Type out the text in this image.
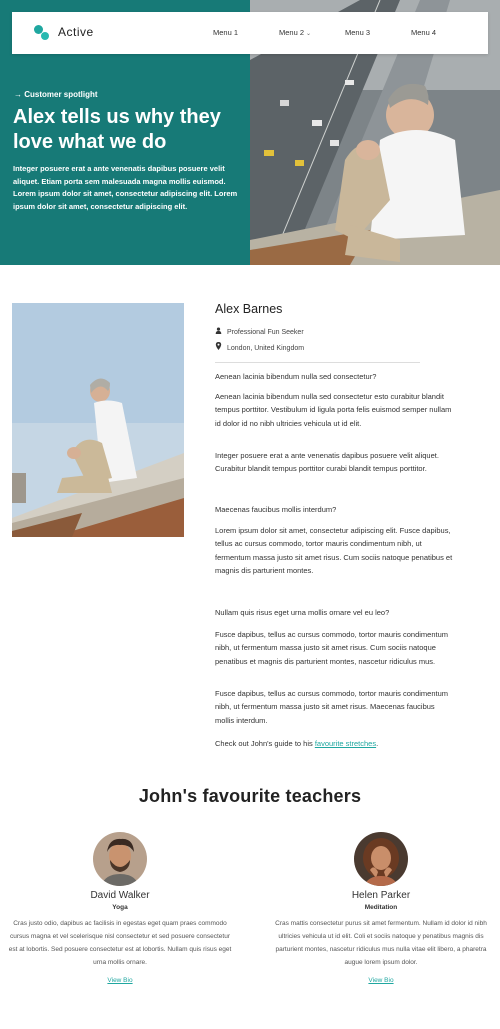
Active	Menu 1	Menu 2 ⌄	Menu 3	Menu 4
→ Customer spotlight
Alex tells us why they love what we do

Integer posuere erat a ante venenatis dapibus posuere velit aliquet. Etiam porta sem malesuada magna mollis euismod. Lorem ipsum dolor sit amet, consectetur adipiscing elit. Lorem ipsum dolor sit amet, consectetur adipiscing elit.

Alex Barnes
Professional Fun Seeker
London, United Kingdom

Aenean lacinia bibendum nulla sed consectetur?

Aenean lacinia bibendum nulla sed consectetur esto curabitur blandit tempus porttitor. Vestibulum id ligula porta felis euismod semper nullam id dolor id no nibh ultricies vehicula ut id elit.

Integer posuere erat a ante venenatis dapibus posuere velit aliquet. Curabitur blandit tempus porttitor curabi blandit tempus porttitor.

Maecenas faucibus mollis interdum?

Lorem ipsum dolor sit amet, consectetur adipiscing elit. Fusce dapibus, tellus ac cursus commodo, tortor mauris condimentum nibh, ut fermentum massa justo sit amet risus. Cum sociis natoque penatibus et magnis dis parturient montes.

Nullam quis risus eget urna mollis ornare vel eu leo?

Fusce dapibus, tellus ac cursus commodo, tortor mauris condimentum nibh, ut fermentum massa justo sit amet risus. Cum sociis natoque penatibus et magnis dis parturient montes, nascetur ridiculus mus.

Fusce dapibus, tellus ac cursus commodo, tortor mauris condimentum nibh, ut fermentum massa justo sit amet risus. Maecenas faucibus mollis interdum.

Check out John's guide to his favourite stretches.

John's favourite teachers
David Walker
Yoga

Cras justo odio, dapibus ac facilisis in egestas eget quam praes commodo cursus magna et vel scelerisque nisl consectetur et sed posuere consectetur est at lobortis. Sed posuere consectetur est at lobortis. Nullam quis risus eget urna mollis ornare.

View Bio
Helen Parker
Meditation

Cras mattis consectetur purus sit amet fermentum. Nullam id dolor id nibh ultricies vehicula ut id elit. Coli et sociis natoque y penatibus magnis dis parturient montes, nascetur ridiculus mus nulla vitae elit libero, a pharetra augue lorem ipsum dolor.

View Bio
